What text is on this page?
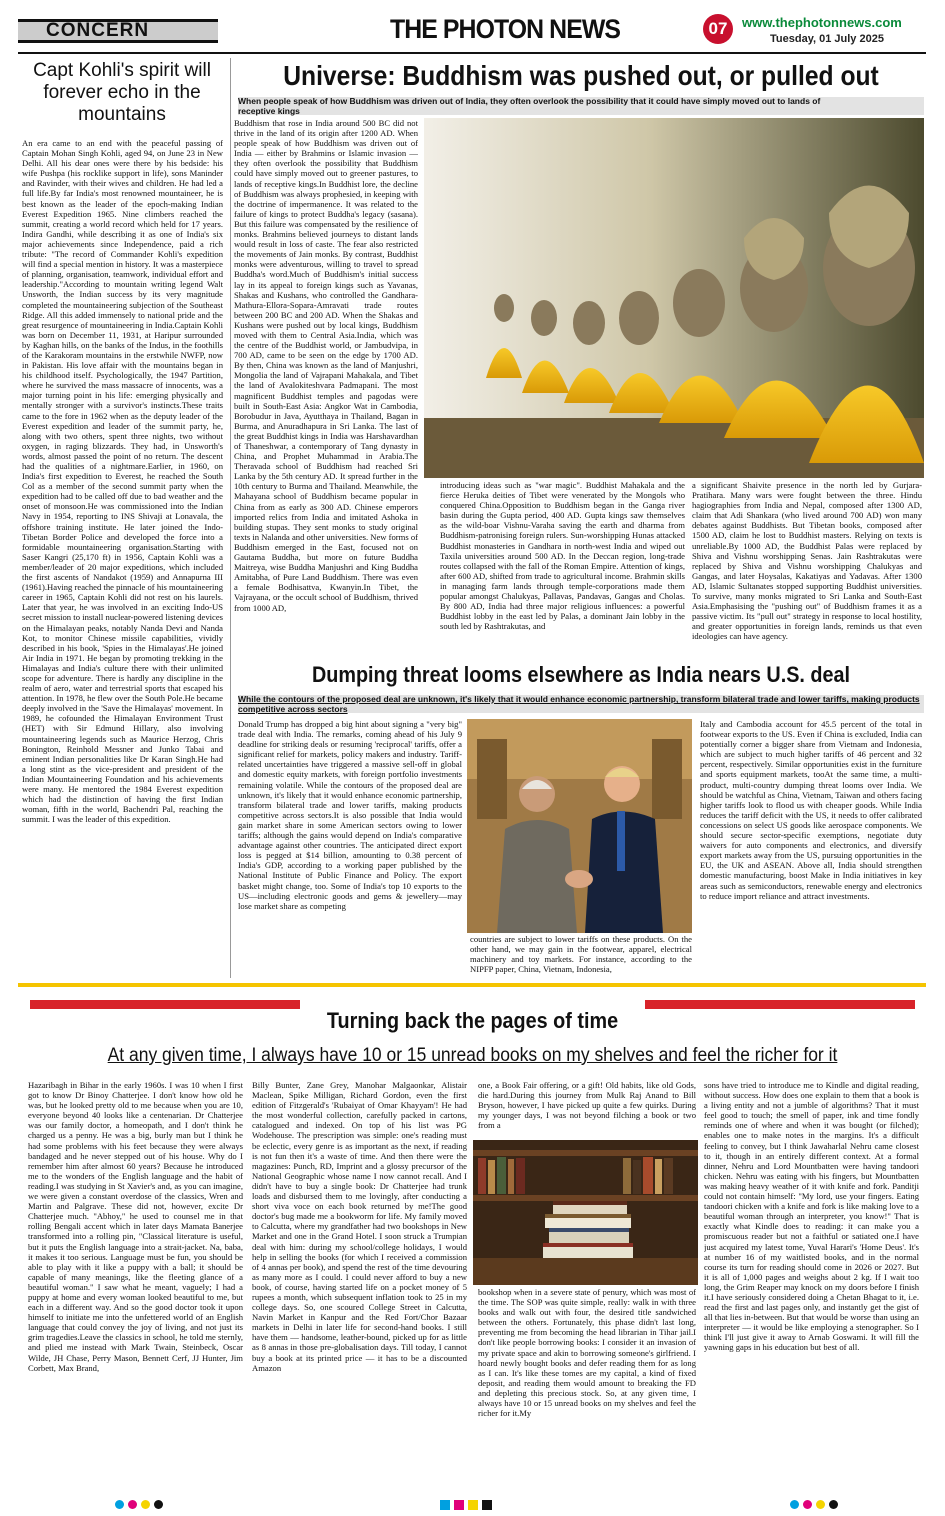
CONCERN	THE PHOTON NEWS	07	www.thephotonnews.com
Tuesday, 01 July 2025
Capt Kohli's spirit will forever echo in the mountains
An era came to an end with the peaceful passing of Captain Mohan Singh Kohli, aged 94, on June 23 in New Delhi. All his dear ones were there by his bedside: his wife Pushpa (his rocklike support in life), sons Maninder and Ravinder, with their wives and children. He had led a full life.By far India's most renowned mountaineer, he is best known as the leader of the epoch-making Indian Everest Expedition 1965. Nine climbers reached the summit, creating a world record which held for 17 years. Indira Gandhi, while describing it as one of India's six major achievements since Independence, paid a rich tribute: "The record of Commander Kohli's expedition will find a special mention in history. It was a masterpiece of planning, organisation, teamwork, individual effort and leadership."According to mountain writing legend Walt Unsworth, the Indian success by its very magnitude completed the mountaineering subjection of the Southeast Ridge. All this added immensely to national pride and the great resurgence of mountaineering in India.Captain Kohli was born on December 11, 1931, at Haripur surrounded by Kaghan hills, on the banks of the Indus, in the foothills of the Karakoram mountains in the erstwhile NWFP, now in Pakistan. His love affair with the mountains began in his childhood itself. Psychologically, the 1947 Partition, where he survived the mass massacre of innocents, was a major turning point in his life: emerging physically and mentally stronger with a survivor's instincts.These traits came to the fore in 1962 when as the deputy leader of the Everest expedition and leader of the summit party, he, along with two others, spent three nights, two without oxygen, in raging blizzards. They had, in Unsworth's words, almost passed the point of no return. The descent had the qualities of a nightmare.Earlier, in 1960, on India's first expedition to Everest, he reached the South Col as a member of the second summit party when the expedition had to be called off due to bad weather and the onset of monsoon.He was commissioned into the Indian Navy in 1954, reporting to INS Shivaji at Lonavala, the offshore training institute. He later joined the Indo-Tibetan Border Police and developed the force into a formidable mountaineering organisation.Starting with Saser Kangri (25,170 ft) in 1956, Captain Kohli was a member/leader of 20 major expeditions, which included the first ascents of Nandakot (1959) and Annapurna III (1961).Having reached the pinnacle of his mountaineering career in 1965, Captain Kohli did not rest on his laurels. Later that year, he was involved in an exciting Indo-US secret mission to install nuclear-powered listening devices on the Himalayan peaks, notably Nanda Devi and Nanda Kot, to monitor Chinese missile capabilities, vividly described in his book, 'Spies in the Himalayas'.He joined Air India in 1971. He began by promoting trekking in the Himalayas and India's culture there with their unlimited scope for adventure. There is hardly any discipline in the realm of aero, water and terrestrial sports that escaped his attention. In 1978, he flew over the South Pole.He became deeply involved in the 'Save the Himalayas' movement. In 1989, he cofounded the Himalayan Environment Trust (HET) with Sir Edmund Hillary, also involving mountaineering legends such as Maurice Herzog, Chris Bonington, Reinhold Messner and Junko Tabai and eminent Indian personalities like Dr Karan Singh.He had a long stint as the vice-president and president of the Indian Mountaineering Foundation and his achievements were many. He mentored the 1984 Everest expedition which had the distinction of having the first Indian woman, fifth in the world, Bachendri Pal, reaching the summit. I was the leader of this expedition.
Universe: Buddhism was pushed out, or pulled out
When people speak of how Buddhism was driven out of India, they often overlook the possibility that it could have simply moved out to lands of receptive kings
Buddhism that rose in India around 500 BC did not thrive in the land of its origin after 1200 AD. When people speak of how Buddhism was driven out of India — either by Brahmins or Islamic invasion — they often overlook the possibility that Buddhism could have simply moved out to greener pastures, to lands of receptive kings.In Buddhist lore, the decline of Buddhism was always prophesied, in keeping with the doctrine of impermanence. It was related to the failure of kings to protect Buddha's legacy (sasana). But this failure was compensated by the resilience of monks. Brahmins believed journeys to distant lands would result in loss of caste. The fear also restricted the movements of Jain monks. By contrast, Buddhist monks were adventurous, willing to travel to spread Buddha's word.Much of Buddhism's initial success lay in its appeal to foreign kings such as Yavanas, Shakas and Kushans, who controlled the Gandhara-Mathura-Ellora-Sopara-Amravati trade routes between 200 BC and 200 AD. When the Shakas and Kushans were pushed out by local kings, Buddhism moved with them to Central Asia.India, which was the centre of the Buddhist world, or Jambudvipa, in 700 AD, came to be seen on the edge by 1700 AD. By then, China was known as the land of Manjushri, Mongolia the land of Vajrapani Mahakala, and Tibet the land of Avalokiteshvara Padmapani. The most magnificent Buddhist temples and pagodas were built in South-East Asia: Angkor Wat in Cambodia, Borobudur in Java, Ayutthaya in Thailand, Bagan in Burma, and Anuradhapura in Sri Lanka. The last of the great Buddhist kings in India was Harshavardhan of Thaneshwar, a contemporary of Tang dynasty in China, and Prophet Muhammad in Arabia.The Theravada school of Buddhism had reached Sri Lanka by the 5th century AD. It spread further in the 10th century to Burma and Thailand. Meanwhile, the Mahayana school of Buddhism became popular in China from as early as 300 AD. Chinese emperors imported relics from India and imitated Ashoka in building stupas. They sent monks to study original texts in Nalanda and other universities. New forms of Buddhism emerged in the East, focused not on Gautama Buddha, but more on future Buddha Maitreya, wise Buddha Manjushri and King Buddha Amitabha, of Pure Land Buddhism. There was even a female Bodhisattva, Kwanyin.In Tibet, the Vajrayana, or the occult school of Buddhism, thrived from 1000 AD,
introducing ideas such as "war magic". Buddhist Mahakala and the fierce Heruka deities of Tibet were venerated by the Mongols who conquered China.Opposition to Buddhism began in the Ganga river basin during the Gupta period, 400 AD. Gupta kings saw themselves as the wild-boar Vishnu-Varaha saving the earth and dharma from Buddhism-patronising foreign rulers. Sun-worshipping Hunas attacked Buddhist monasteries in Gandhara in north-west India and wiped out Taxila universities around 500 AD. In the Deccan region, long-trade routes collapsed with the fall of the Roman Empire. Attention of kings, after 600 AD, shifted from trade to agricultural income. Brahmin skills in managing farm lands through temple-corporations made them popular amongst Chalukyas, Pallavas, Pandavas, Gangas and Cholas. By 800 AD, India had three major religious influences: a powerful Buddhist lobby in the east led by Palas, a dominant Jain lobby in the south led by Rashtrakutas, and
a significant Shaivite presence in the north led by Gurjara-Pratihara. Many wars were fought between the three. Hindu hagiographies from India and Nepal, composed after 1300 AD, claim that Adi Shankara (who lived around 700 AD) won many debates against Buddhists. But Tibetan books, composed after 1500 AD, claim he lost to Buddhist masters. Relying on texts is unreliable.By 1000 AD, the Buddhist Palas were replaced by Shiva and Vishnu worshipping Senas. Jain Rashtrakutas were replaced by Shiva and Vishnu worshipping Chalukyas and Gangas, and later Hoysalas, Kakatiyas and Yadavas. After 1300 AD, Islamic Sultanates stopped supporting Buddhist universities. To survive, many monks migrated to Sri Lanka and South-East Asia.Emphasising the "pushing out" of Buddhism frames it as a passive victim. Its "pull out" strategy in response to local hostility, and greater opportunities in foreign lands, reminds us that even ideologies can have agency.
Dumping threat looms elsewhere as India nears U.S. deal
While the contours of the proposed deal are unknown, it's likely that it would enhance economic partnership, transform bilateral trade and lower tariffs, making products competitive across sectors
Donald Trump has dropped a big hint about signing a "very big" trade deal with India. The remarks, coming ahead of his July 9 deadline for striking deals or resuming 'reciprocal' tariffs, offer a significant relief for markets, policy makers and industry. Tariff-related uncertainties have triggered a massive sell-off in global and domestic equity markets, with foreign portfolio investments remaining volatile. While the contours of the proposed deal are unknown, it's likely that it would enhance economic partnership, transform bilateral trade and lower tariffs, making products competitive across sectors.It is also possible that India would gain market share in some American sectors owing to lower tariffs; although the gains would depend on India's comparative advantage against other countries. The anticipated direct export loss is pegged at $14 billion, amounting to 0.38 percent of India's GDP, according to a working paper published by the National Institute of Public Finance and Policy. The export basket might change, too. Some of India's top 10 exports to the US—including electronic goods and gems & jewellery—may lose market share as competing
countries are subject to lower tariffs on these products. On the other hand, we may gain in the footwear, apparel, electrical machinery and toy markets. For instance, according to the NIPFP paper, China, Vietnam, Indonesia,
Italy and Cambodia account for 45.5 percent of the total in footwear exports to the US. Even if China is excluded, India can potentially corner a bigger share from Vietnam and Indonesia, which are subject to much higher tariffs of 46 percent and 32 percent, respectively. Similar opportunities exist in the furniture and sports equipment markets, tooAt the same time, a multi-product, multi-country dumping threat looms over India. We should be watchful as China, Vietnam, Taiwan and others facing higher tariffs look to flood us with cheaper goods. While India reduces the tariff deficit with the US, it needs to offer calibrated concessions on select US goods like aerospace components. We should secure sector-specific exemptions, negotiate duty waivers for auto components and electronics, and diversify export markets away from the US, pursuing opportunities in the EU, the UK and ASEAN. Above all, India should strengthen domestic manufacturing, boost Make in India initiatives in key areas such as semiconductors, renewable energy and electronics to reduce import reliance and attract investments.
Turning back the pages of time
At any given time, I always have 10 or 15 unread books on my shelves and feel the richer for it
Hazaribagh in Bihar in the early 1960s. I was 10 when I first got to know Dr Binoy Chatterjee. I don't know how old he was, but he looked pretty old to me because when you are 10, everyone beyond 40 looks like a centenarian. Dr Chatterjee was our family doctor, a homeopath, and I don't think he charged us a penny. He was a big, burly man but I think he had some problems with his feet because they were always bandaged and he never stepped out of his house. Why do I remember him after almost 60 years? Because he introduced me to the wonders of the English language and the habit of reading.I was studying in St Xavier's and, as you can imagine, we were given a constant overdose of the classics, Wren and Martin and Palgrave. These did not, however, excite Dr Chatterjee much. "Abhoy," he used to counsel me in that rolling Bengali accent which in later days Mamata Banerjee transformed into a rolling pin, "Classical literature is useful, but it puts the English language into a strait-jacket. Na, baba, it makes it too serious. Language must be fun, you should be able to play with it like a puppy with a ball; it should be capable of many meanings, like the fleeting glance of a beautiful woman." I saw what he meant, vaguely; I had a puppy at home and every woman looked beautiful to me, but each in a different way. And so the good doctor took it upon himself to initiate me into the unfettered world of an English language that could convey the joy of living, and not just its grim tragedies.Leave the classics in school, he told me sternly, and plied me instead with Mark Twain, Steinbeck, Oscar Wilde, JH Chase, Perry Mason, Bennett Cerf, JJ Hunter, Jim Corbett, Max Brand,
Billy Bunter, Zane Grey, Manohar Malgaonkar, Alistair Maclean, Spike Milligan, Richard Gordon, even the first edition of Fitzgerald's 'Rubaiyat of Omar Khayyam'! He had the most wonderful collection, carefully packed in cartons, catalogued and indexed. On top of his list was PG Wodehouse. The prescription was simple: one's reading must be eclectic, every genre is as important as the next, if reading is not fun then it's a waste of time. And then there were the magazines: Punch, RD, Imprint and a glossy precursor of the National Geographic whose name I now cannot recall. And I didn't have to buy a single book: Dr Chatterjee had trunk loads and disbursed them to me lovingly, after conducting a short viva voce on each book returned by me!The good doctor's bug made me a bookworm for life. My family moved to Calcutta, where my grandfather had two bookshops in New Market and one in the Grand Hotel. I soon struck a Trumpian deal with him: during my school/college holidays, I would help in selling the books (for which I received a commission of 4 annas per book), and spend the rest of the time devouring as many more as I could. I could never afford to buy a new book, of course, having started life on a pocket money of 5 rupees a month, which subsequent inflation took to 25 in my college days. So, one scoured College Street in Calcutta, Navin Market in Kanpur and the Red Fort/Chor Bazaar markets in Delhi in later life for second-hand books. I still have them — handsome, leather-bound, picked up for as little as 8 annas in those pre-globalisation days. Till today, I cannot buy a book at its printed price — it has to be a discounted Amazon
one, a Book Fair offering, or a gift! Old habits, like old Gods, die hard.During this journey from Mulk Raj Anand to Bill Bryson, however, I have picked up quite a few quirks. During my younger days, I was not beyond filching a book or two from a
bookshop when in a severe state of penury, which was most of the time. The SOP was quite simple, really: walk in with three books and walk out with four, the desired title sandwiched between the others. Fortunately, this phase didn't last long, preventing me from becoming the head librarian in Tihar jail.I don't like people borrowing books: I consider it an invasion of my private space and akin to borrowing someone's girlfriend. I hoard newly bought books and defer reading them for as long as I can. It's like these tomes are my capital, a kind of fixed deposit, and reading them would amount to breaking the FD and depleting this precious stock. So, at any given time, I always have 10 or 15 unread books on my shelves and feel the richer for it.My
sons have tried to introduce me to Kindle and digital reading, without success. How does one explain to them that a book is a living entity and not a jumble of algorithms? That it must feel good to touch; the smell of paper, ink and time fondly reminds one of where and when it was bought (or filched); enables one to make notes in the margins. It's a difficult feeling to convey, but I think Jawaharlal Nehru came closest to it, though in an entirely different context. At a formal dinner, Nehru and Lord Mountbatten were having tandoori chicken. Nehru was eating with his fingers, but Mountbatten was making heavy weather of it with knife and fork. Panditji could not contain himself: "My lord, use your fingers. Eating tandoori chicken with a knife and fork is like making love to a beautiful woman through an interpreter, you know!" That is exactly what Kindle does to reading: it can make you a promiscuous reader but not a faithful or satiated one.I have just acquired my latest tome, Yuval Harari's 'Home Deus'. It's at number 16 of my waitlisted books, and in the normal course its turn for reading should come in 2026 or 2027. But it is all of 1,000 pages and weighs about 2 kg. If I wait too long, the Grim Reaper may knock on my doors before I finish it.I have seriously considered doing a Chetan Bhagat to it, i.e. read the first and last pages only, and instantly get the gist of all that lies in-between. But that would be worse than using an interpreter — it would be like employing a stenographer. So I think I'll just give it away to Arnab Goswami. It will fill the yawning gaps in his education but best of all.
